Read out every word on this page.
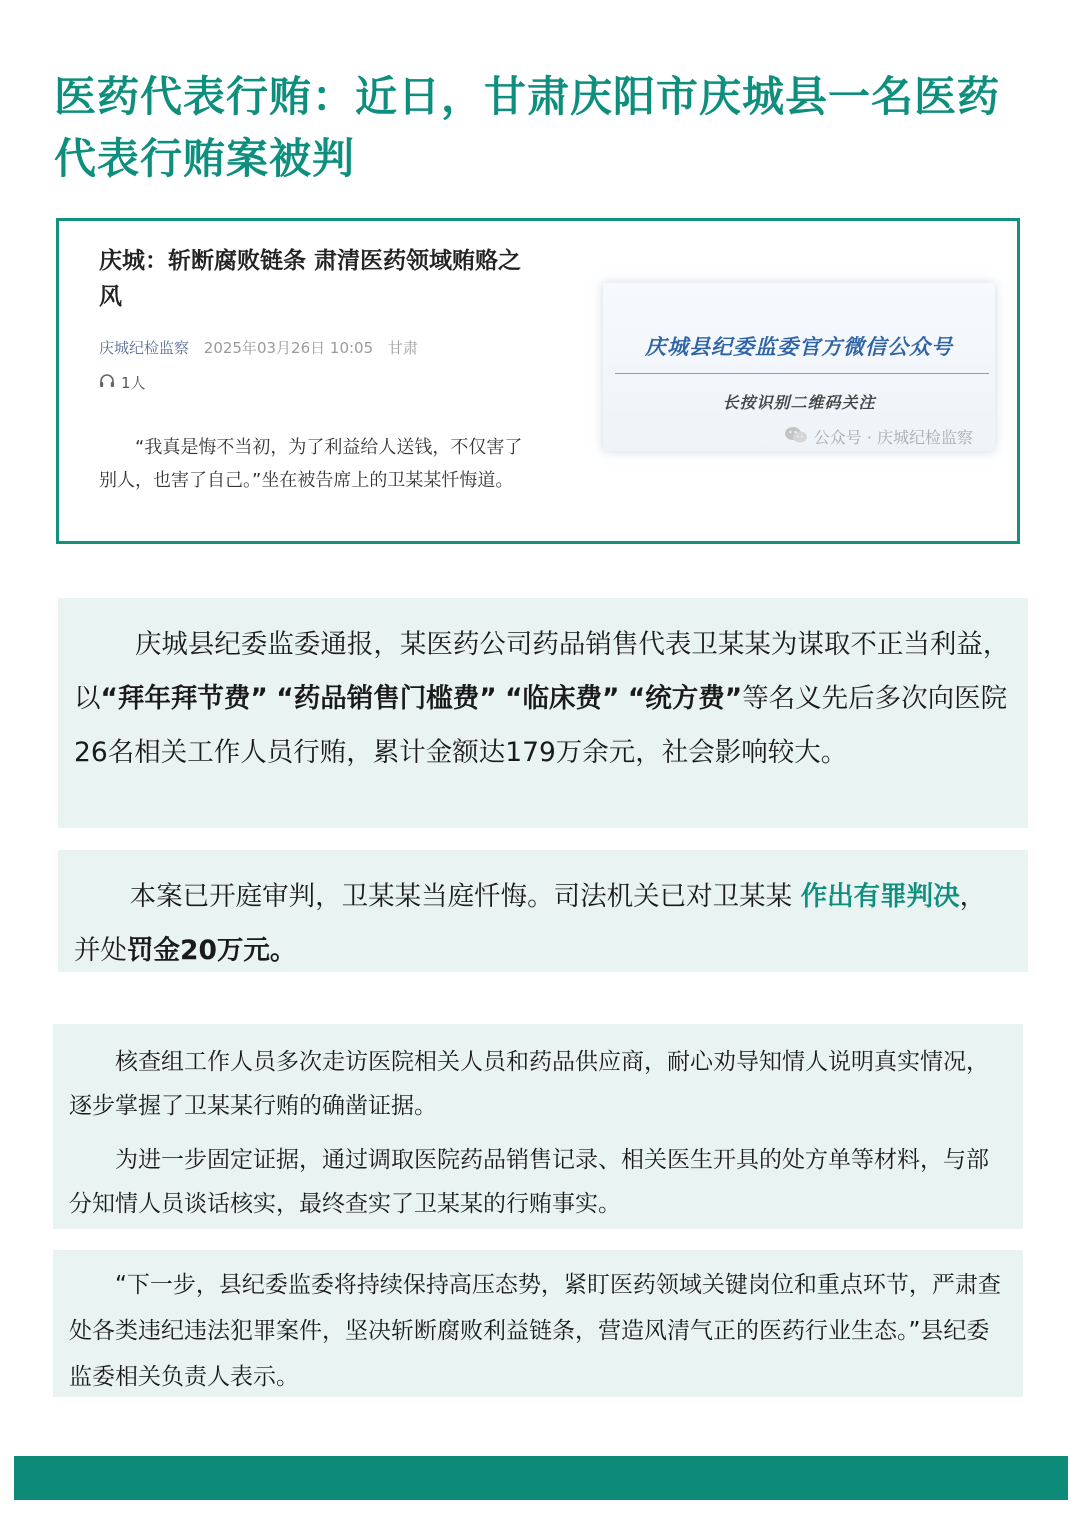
医药代表行贿：近日，甘肃庆阳市庆城县一名医药代表行贿案被判
庆城：斩断腐败链条 肃清医药领域贿赂之风
庆城纪检监察 2025年03月26日 10:05 甘肃
1人
“我真是悔不当初，为了利益给人送钱，不仅害了别人，也害了自己。”坐在被告席上的卫某某忏悔道。
庆城县纪委监委官方微信公众号
长按识别二维码关注
公众号 · 庆城纪检监察
庆城县纪委监委通报，某医药公司药品销售代表卫某某为谋取不正当利益，以“拜年拜节费” “药品销售门槛费” “临床费” “统方费”等名义先后多次向医院26名相关工作人员行贿，累计金额达179万余元，社会影响较大。
本案已开庭审判，卫某某当庭忏悔。司法机关已对卫某某 作出有罪判决，并处罚金20万元。
核查组工作人员多次走访医院相关人员和药品供应商，耐心劝导知情人说明真实情况，逐步掌握了卫某某行贿的确凿证据。
为进一步固定证据，通过调取医院药品销售记录、相关医生开具的处方单等材料，与部分知情人员谈话核实，最终查实了卫某某的行贿事实。
“下一步，县纪委监委将持续保持高压态势，紧盯医药领域关键岗位和重点环节，严肃查处各类违纪违法犯罪案件，坚决斩断腐败利益链条，营造风清气正的医药行业生态。”县纪委监委相关负责人表示。
